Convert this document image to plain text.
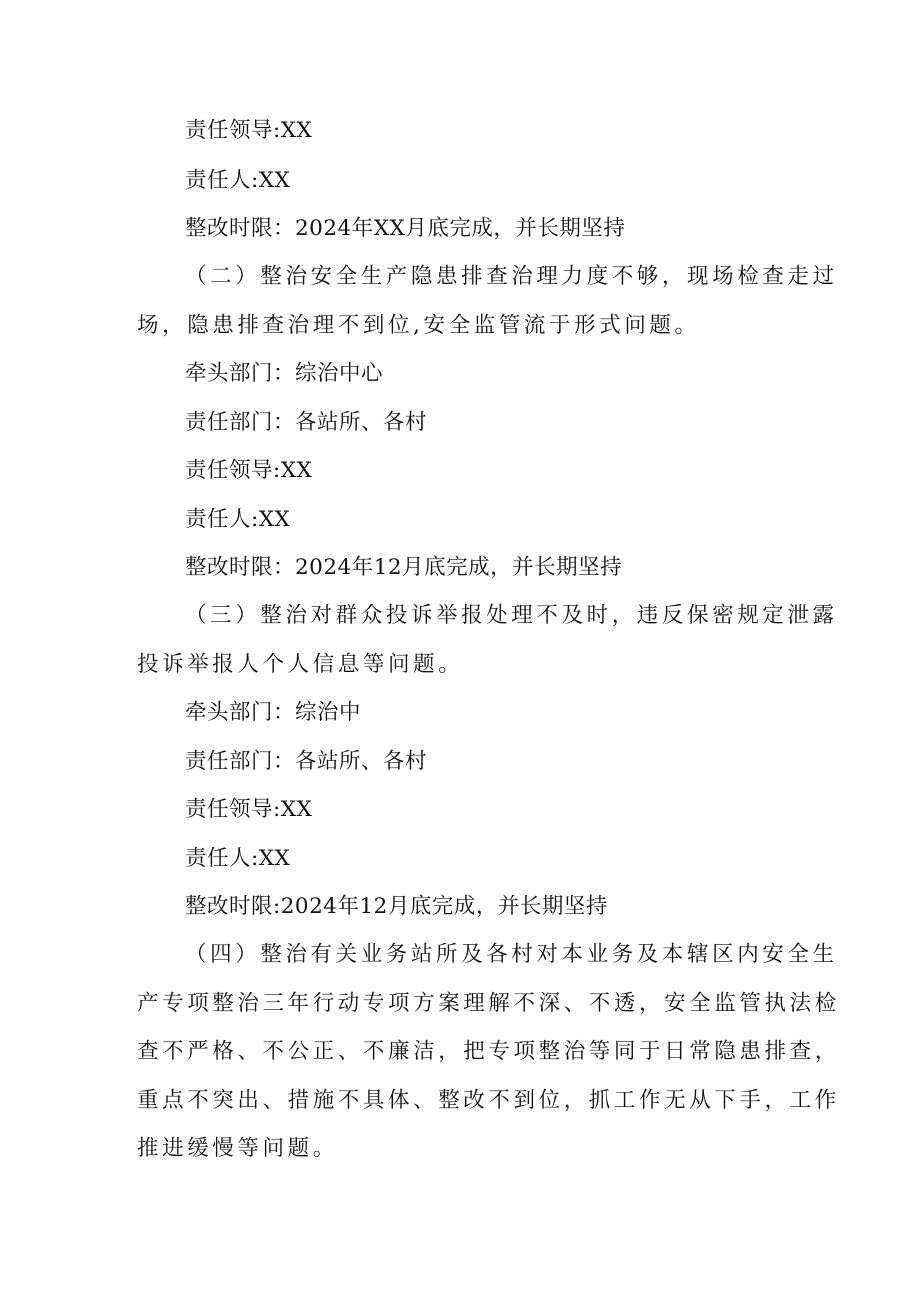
责任领导:XX
责任人:XX
整改时限：2024年XX月底完成，并长期坚持
（二）整治安全生产隐患排查治理力度不够，现场检查走过
场，隐患排查治理不到位,安全监管流于形式问题。
牵头部门：综治中心
责任部门：各站所、各村
责任领导:XX
责任人:XX
整改时限：2024年12月底完成，并长期坚持
（三）整治对群众投诉举报处理不及时，违反保密规定泄露
投诉举报人个人信息等问题。
牵头部门：综治中
责任部门：各站所、各村
责任领导:XX
责任人:XX
整改时限:2024年12月底完成，并长期坚持
（四）整治有关业务站所及各村对本业务及本辖区内安全生
产专项整治三年行动专项方案理解不深、不透，安全监管执法检
查不严格、不公正、不廉洁，把专项整治等同于日常隐患排查，
重点不突出、措施不具体、整改不到位，抓工作无从下手，工作
推进缓慢等问题。
